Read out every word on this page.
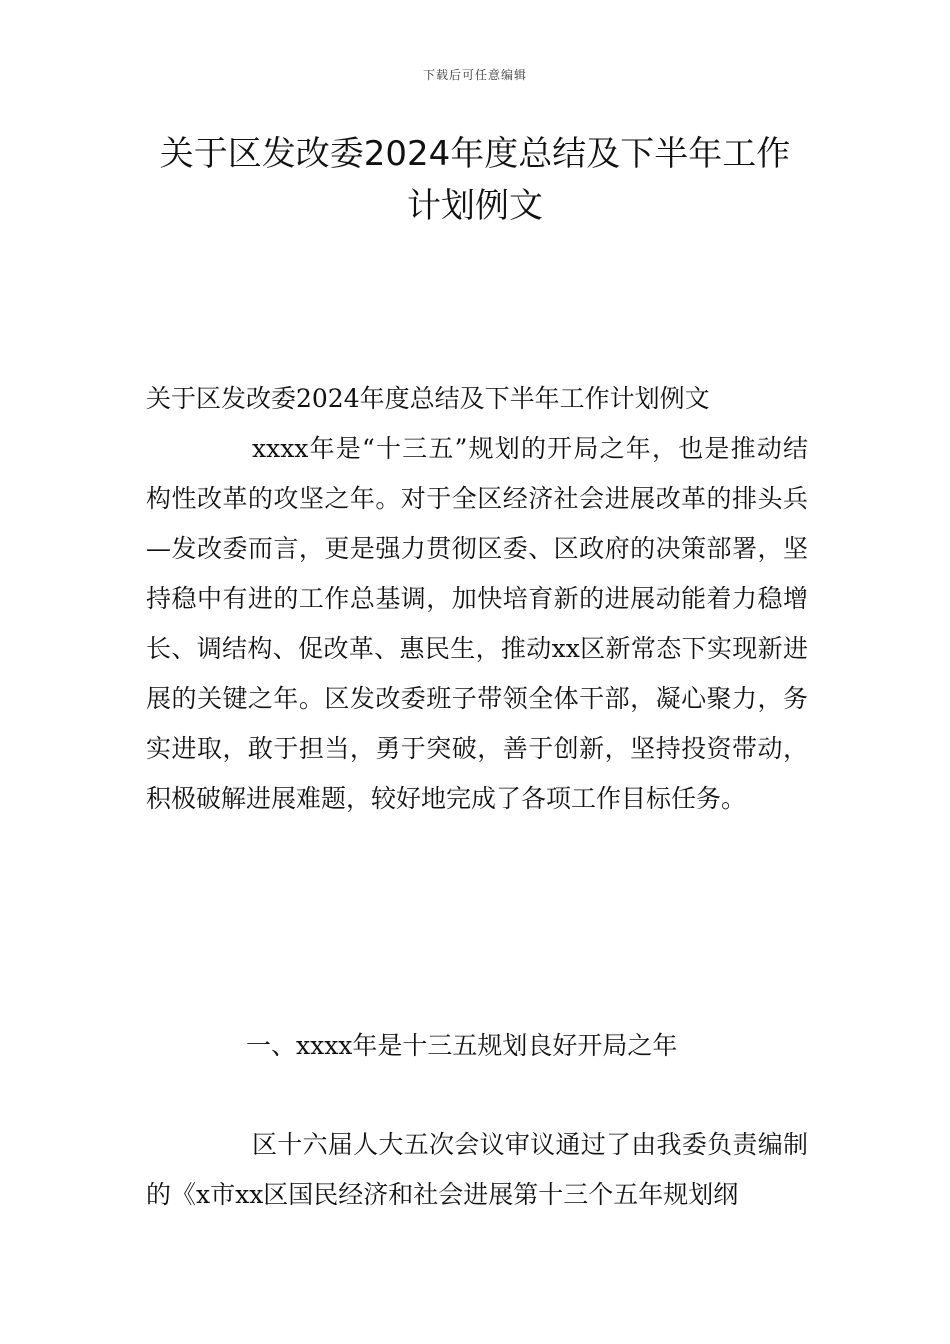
下载后可任意编辑
关于区发改委2024年度总结及下半年工作
计划例文

关于区发改委2024年度总结及下半年工作计划例文

xxxx年是“十三五”规划的开局之年，也是推动结构性改革的攻坚之年。对于全区经济社会进展改革的排头兵—发改委而言，更是强力贯彻区委、区政府的决策部署，坚持稳中有进的工作总基调，加快培育新的进展动能着力稳增长、调结构、促改革、惠民生，推动xx区新常态下实现新进展的关键之年。区发改委班子带领全体干部，凝心聚力，务实进取，敢于担当，勇于突破，善于创新，坚持投资带动，积极破解进展难题，较好地完成了各项工作目标任务。

一、xxxx年是十三五规划良好开局之年

区十六届人大五次会议审议通过了由我委负责编制的《x市xx区国民经济和社会进展第十三个五年规划纲
